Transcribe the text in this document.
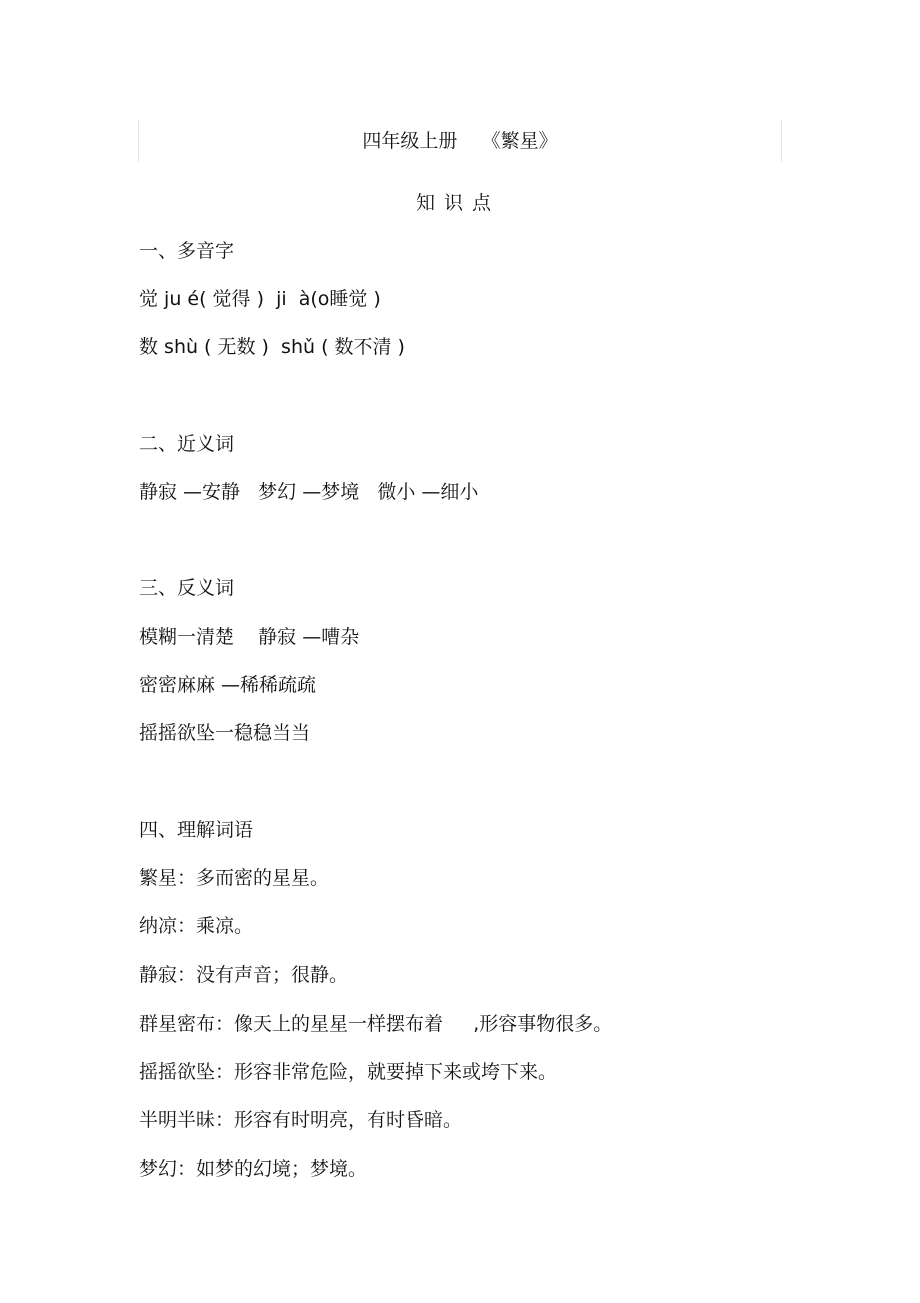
四年级上册    《繁星》
知识点
一、多音字
觉 ju é( 觉得 )  ji  à(o睡觉 )
数 shù ( 无数 )  shǔ ( 数不清 )
二、近义词
静寂 —安静   梦幻 —梦境   微小 —细小
三、反义词
模糊一清楚    静寂 —嘈杂
密密麻麻 —稀稀疏疏
摇摇欲坠一稳稳当当
四、理解词语
繁星：多而密的星星。
纳凉：乘凉。
静寂：没有声音；很静。
群星密布：像天上的星星一样摆布着     ,形容事物很多。
摇摇欲坠：形容非常危险，就要掉下来或垮下来。
半明半昧：形容有时明亮，有时昏暗。
梦幻：如梦的幻境；梦境。
